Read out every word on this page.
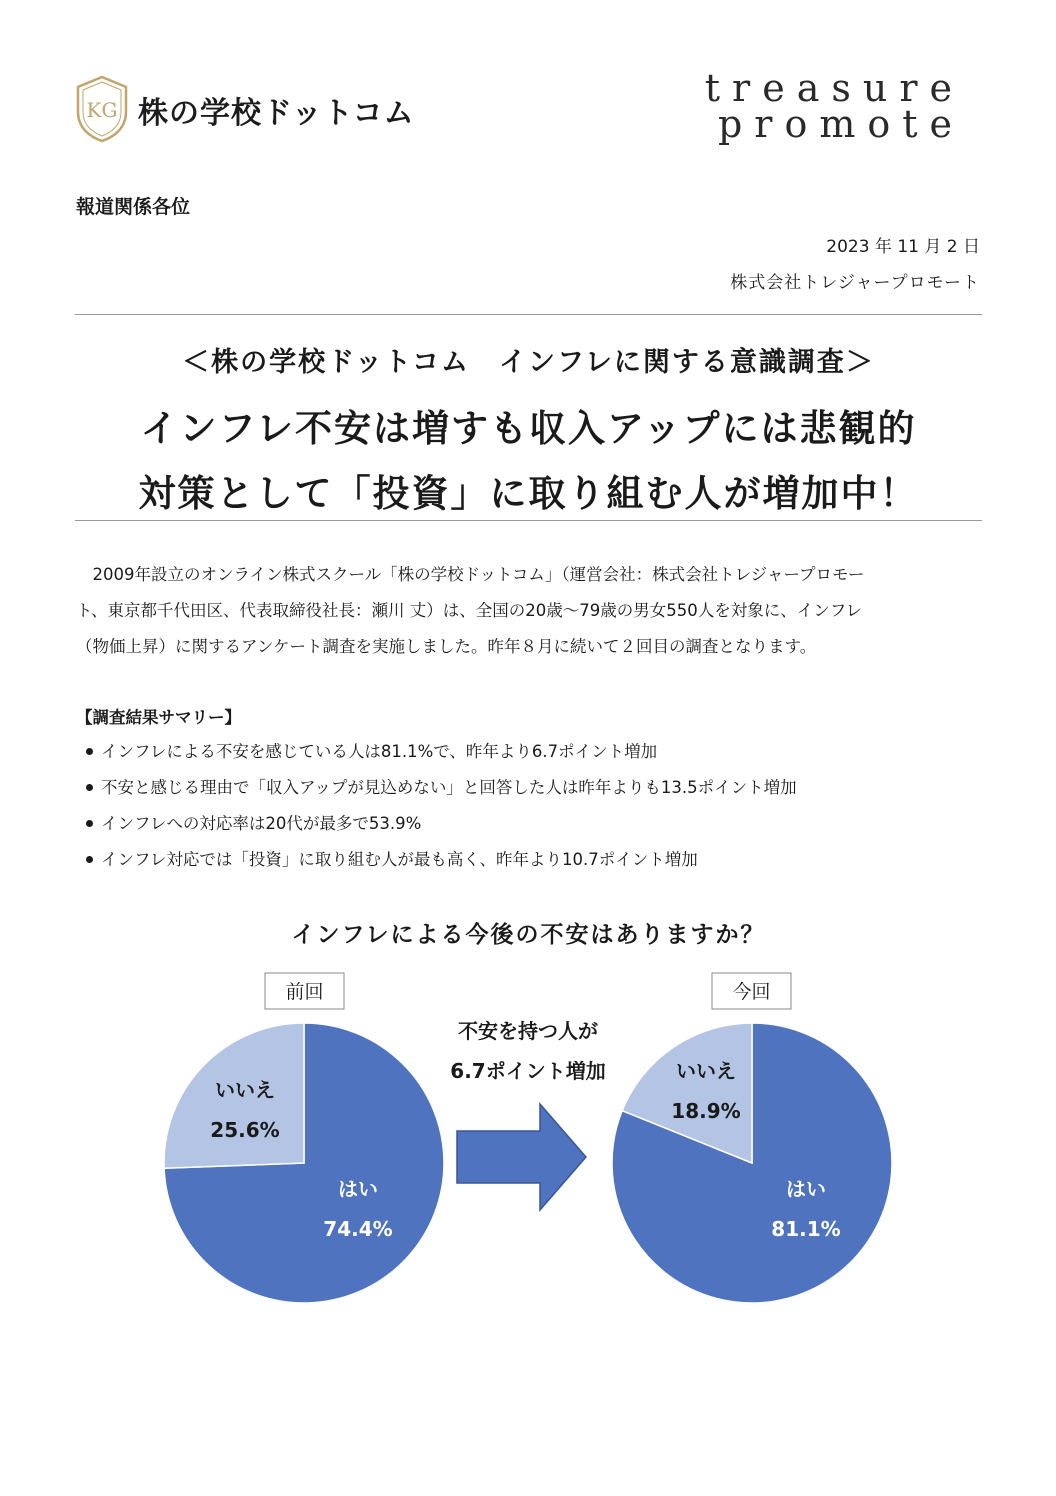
KG 株の学校ドットコム
treasure
promote
報道関係各位
2023 年 11 月 2 日
株式会社トレジャープロモート
＜株の学校ドットコム　インフレに関する意識調査＞
インフレ不安は増すも収入アップには悲観的
対策として「投資」に取り組む人が増加中！
　2009年設立のオンライン株式スクール「株の学校ドットコム」（運営会社：株式会社トレジャープロモー
ト、東京都千代田区、代表取締役社長：瀬川 丈）は、全国の20歳〜79歳の男女550人を対象に、インフレ
（物価上昇）に関するアンケート調査を実施しました。昨年８月に続いて２回目の調査となります。
【調査結果サマリー】
インフレによる不安を感じている人は81.1%で、昨年より6.7ポイント増加
不安と感じる理由で「収入アップが見込めない」と回答した人は昨年よりも13.5ポイント増加
インフレへの対応率は20代が最多で53.9%
インフレ対応では「投資」に取り組む人が最も高く、昨年より10.7ポイント増加
インフレによる今後の不安はありますか？
不安を持つ人が
6.7ポイント増加
前回	今回
はい
74.4%
いいえ
25.6%
はい
81.1%
いいえ
18.9%
